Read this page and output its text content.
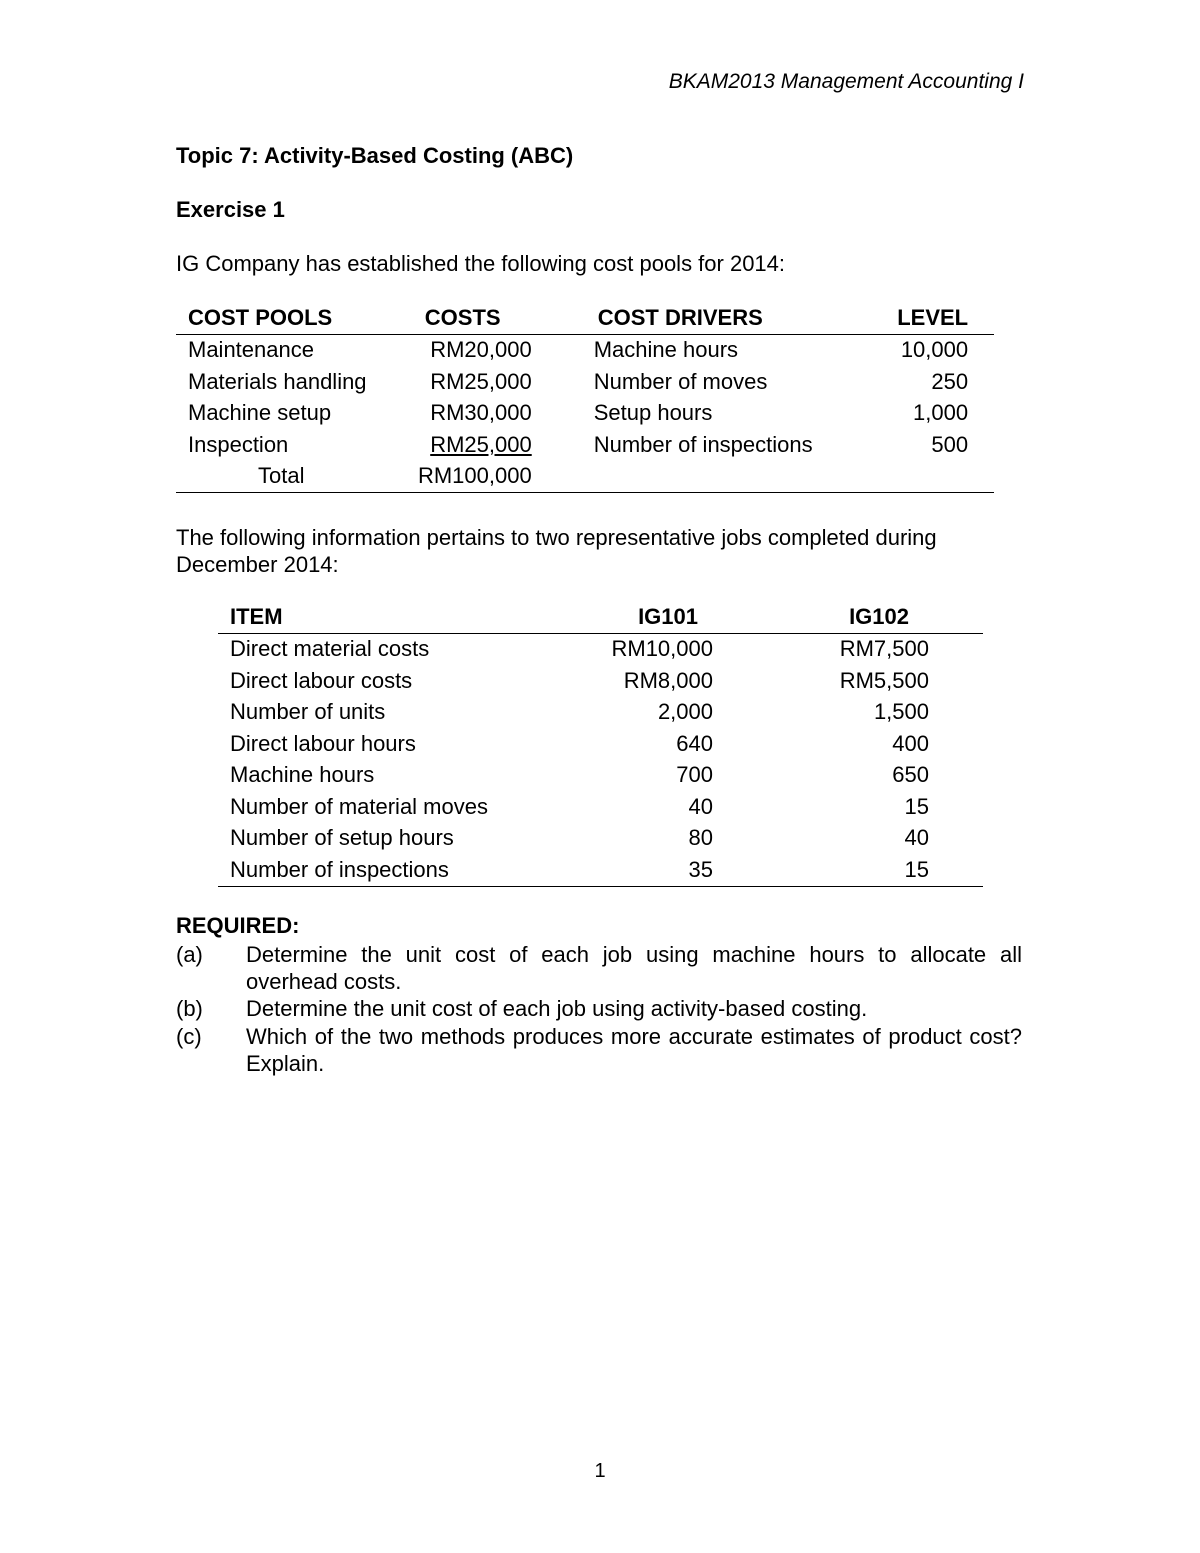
BKAM2013 Management Accounting I
Topic 7: Activity-Based Costing (ABC)
Exercise 1
IG Company has established the following cost pools for 2014:
COST POOLS	COSTS		COST DRIVERS	LEVEL	
Maintenance	RM20,000		Machine hours	10,000	
Materials handling	RM25,000		Number of moves	250	
Machine setup	RM30,000		Setup hours	1,000	
Inspection	RM25,000		Number of inspections	500	
Total	RM100,000				
The following information pertains to two representative jobs completed during December 2014:
ITEM	IG101	IG102	
Direct material costs	RM10,000	RM7,500	
Direct labour costs	RM8,000	RM5,500	
Number of units	2,000	1,500	
Direct labour hours	640	400	
Machine hours	700	650	
Number of material moves	40	15	
Number of setup hours	80	40	
Number of inspections	35	15	
REQUIRED:
(a) Determine the unit cost of each job using machine hours to allocate all overhead costs.
(b) Determine the unit cost of each job using activity-based costing.
(c) Which of the two methods produces more accurate estimates of product cost? Explain.
1
